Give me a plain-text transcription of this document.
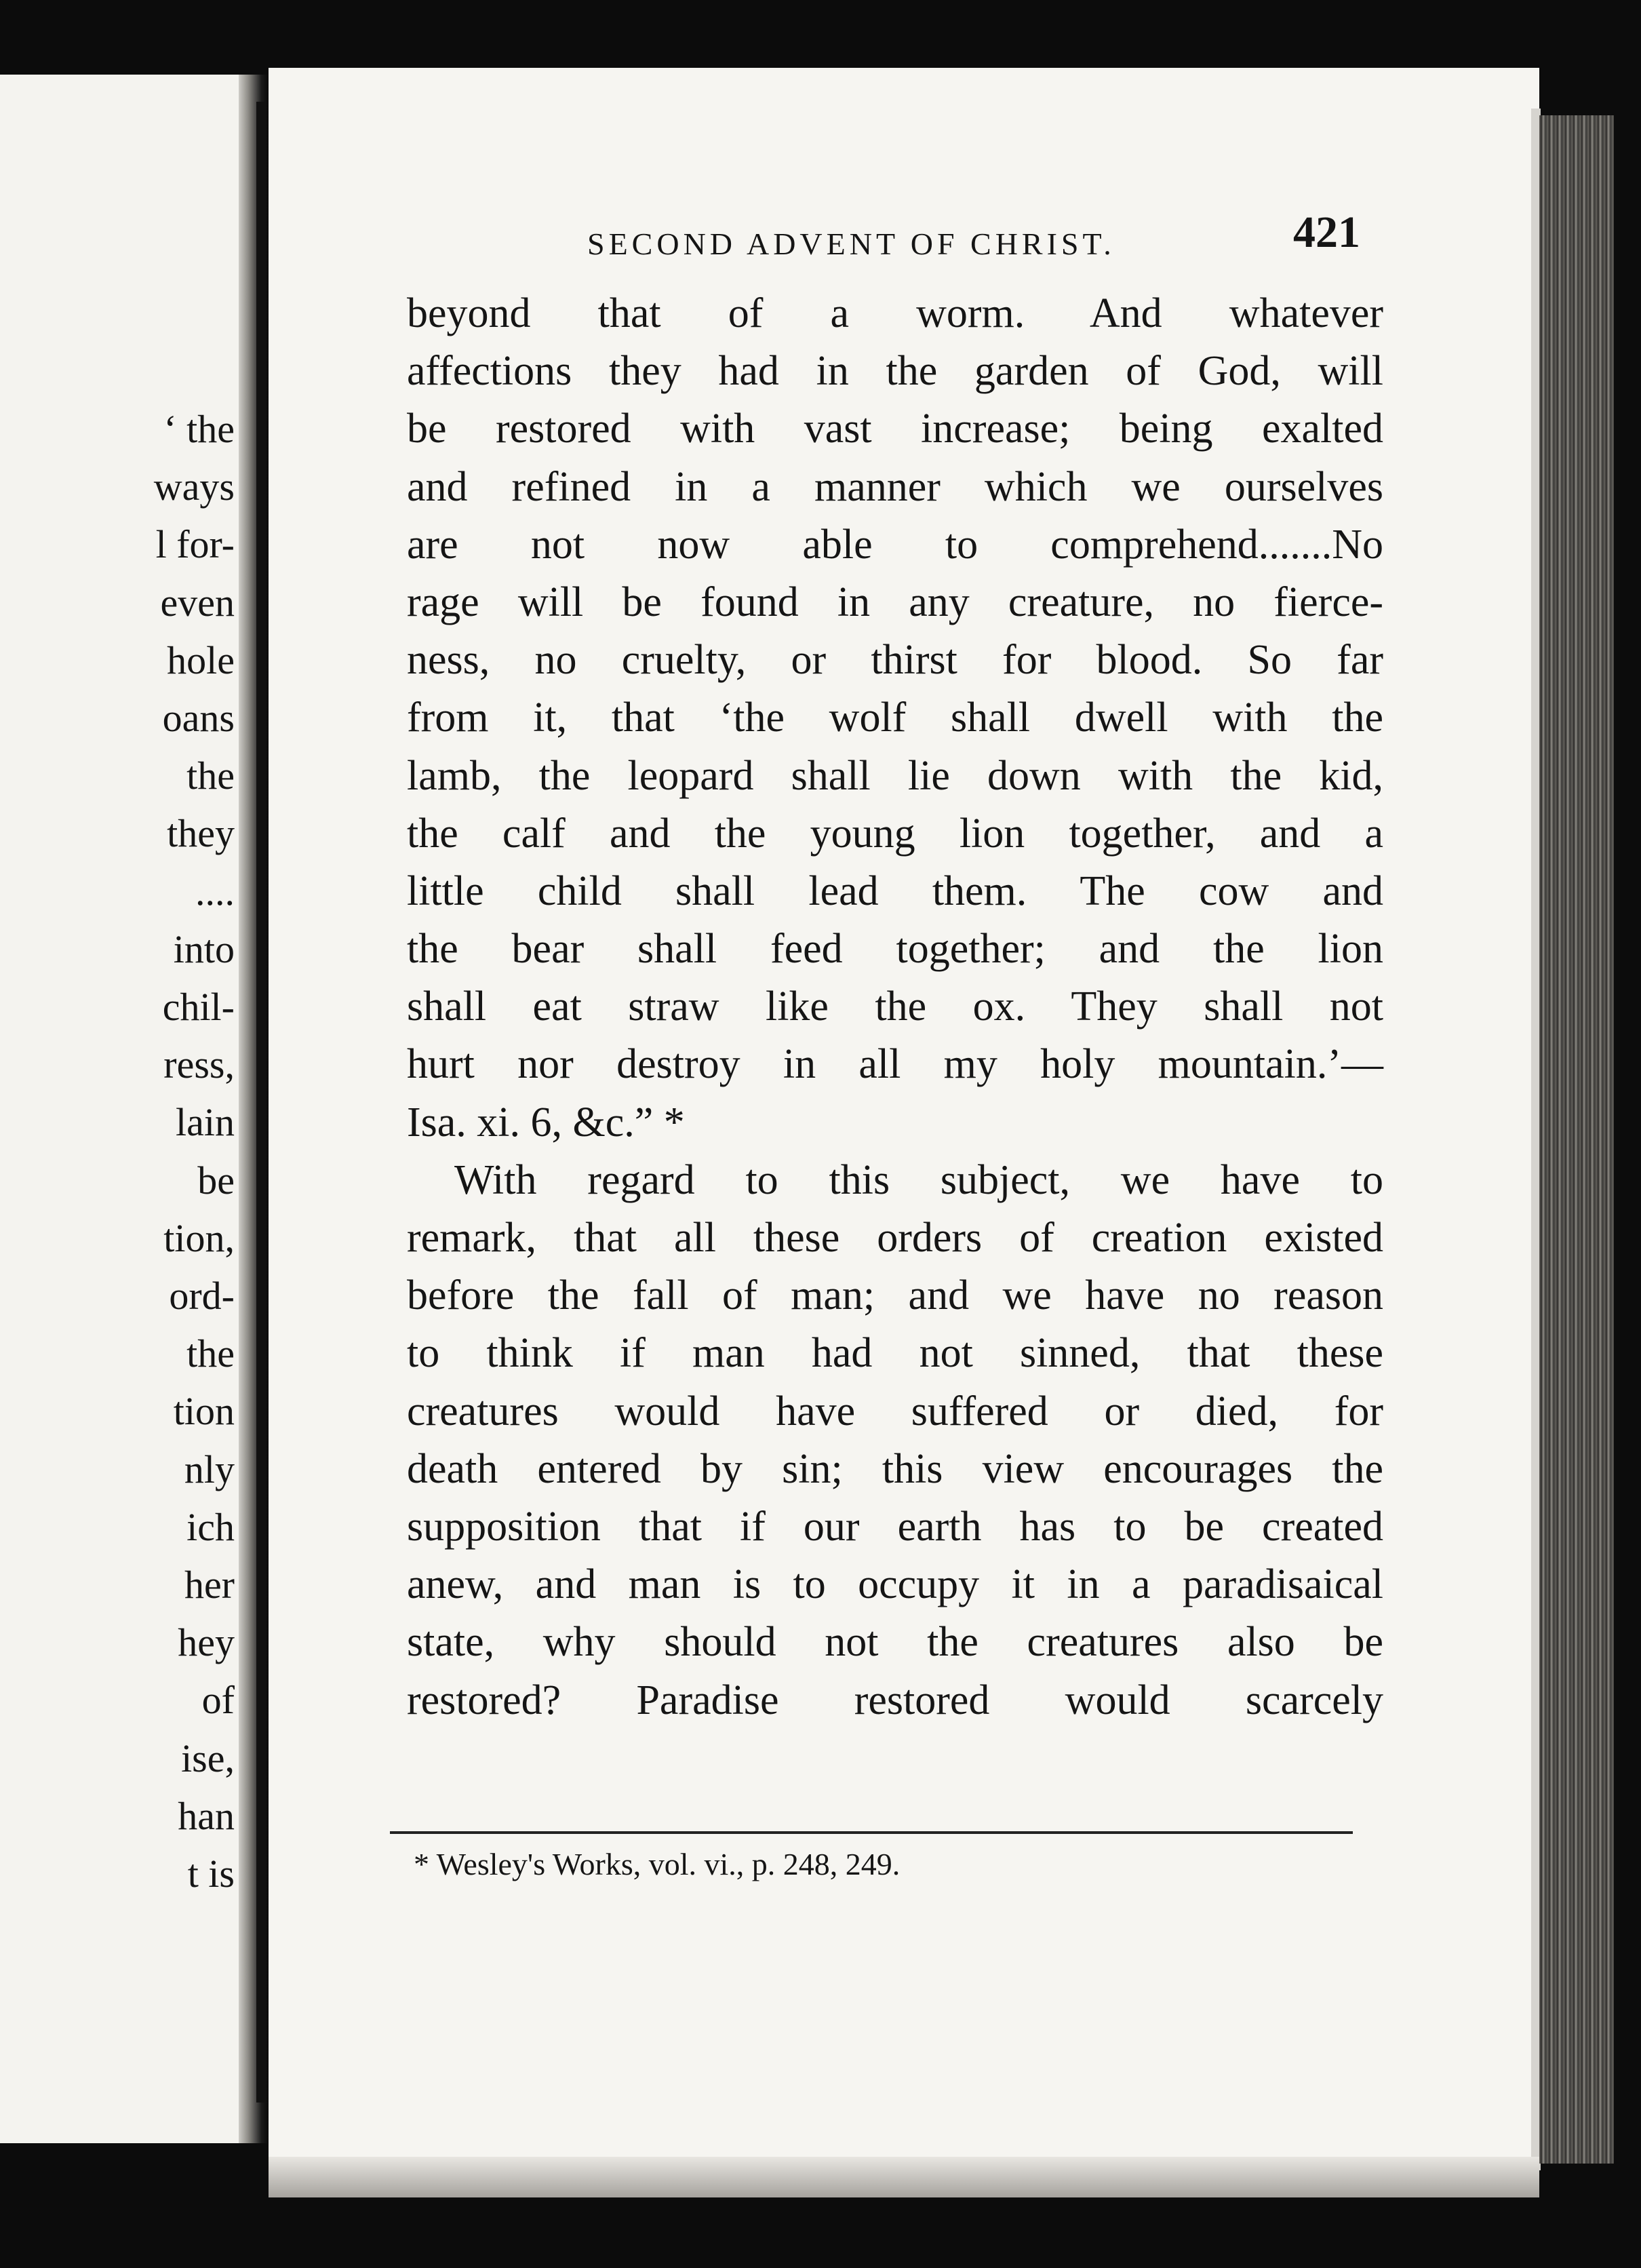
‘ the
ways
l for-
even
hole
oans
the
they
....
into
chil-
ress,
lain
be
tion,
ord-
the
tion
nly
ich
her
hey
of
ise,
han
t is
SECOND ADVENT OF CHRIST.	421
beyond that of a worm. And whatever
affections they had in the garden of God, will
be restored with vast increase; being exalted
and refined in a manner which we ourselves
are not now able to comprehend.......No
rage will be found in any creature, no fierce-
ness, no cruelty, or thirst for blood. So far
from it, that ‘the wolf shall dwell with the
lamb, the leopard shall lie down with the kid,
the calf and the young lion together, and a
little child shall lead them. The cow and
the bear shall feed together; and the lion
shall eat straw like the ox. They shall not
hurt nor destroy in all my holy mountain.’—
Isa. xi. 6, &c.” *
With regard to this subject, we have to
remark, that all these orders of creation existed
before the fall of man; and we have no reason
to think if man had not sinned, that these
creatures would have suffered or died, for
death entered by sin; this view encourages the
supposition that if our earth has to be created
anew, and man is to occupy it in a paradisaical
state, why should not the creatures also be
restored? Paradise restored would scarcely
* Wesley's Works, vol. vi., p. 248, 249.
